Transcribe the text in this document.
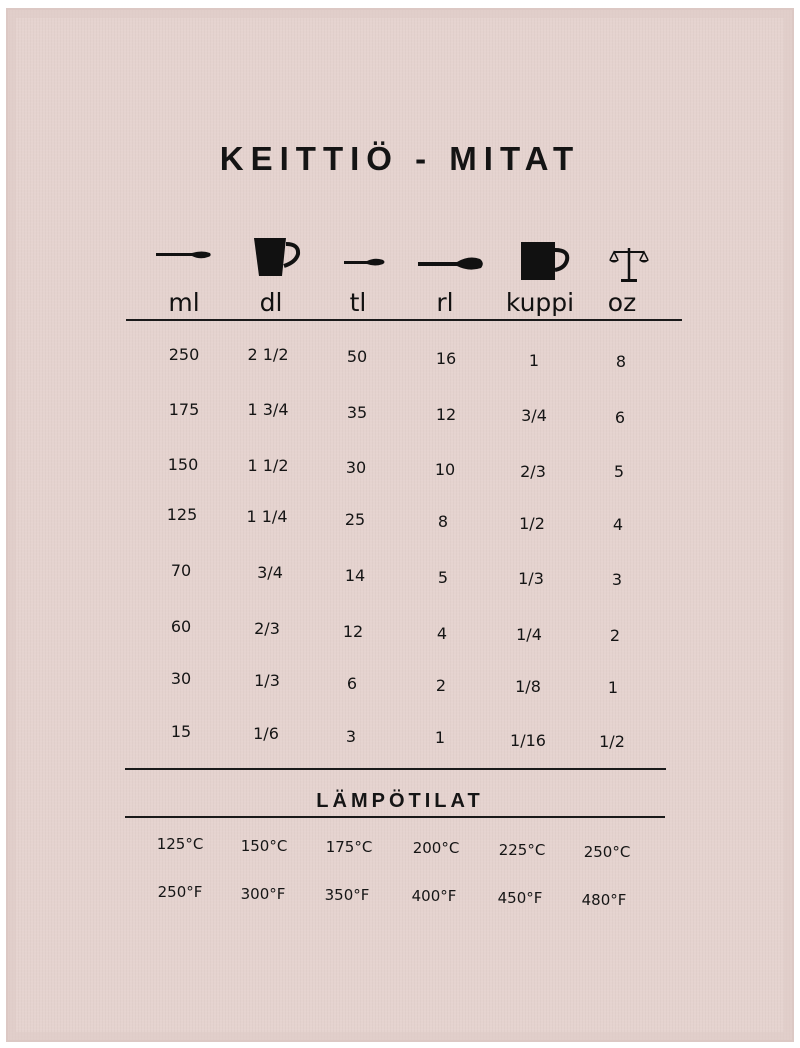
KEITTIÖ - MITAT
ml	dl	tl	rl	kuppi	oz
250	2 1/2	50	16	1	8
175	1 3/4	35	12	3/4	6
150	1 1/2	30	10	2/3	5
125	1 1/4	25	8	1/2	4
70	3/4	14	5	1/3	3
60	2/3	12	4	1/4	2
30	1/3	6	2	1/8	1
15	1/6	3	1	1/16	1/2
LÄMPÖTILAT
125°C	150°C	175°C	200°C	225°C	250°C
250°F	300°F	350°F	400°F	450°F	480°F
